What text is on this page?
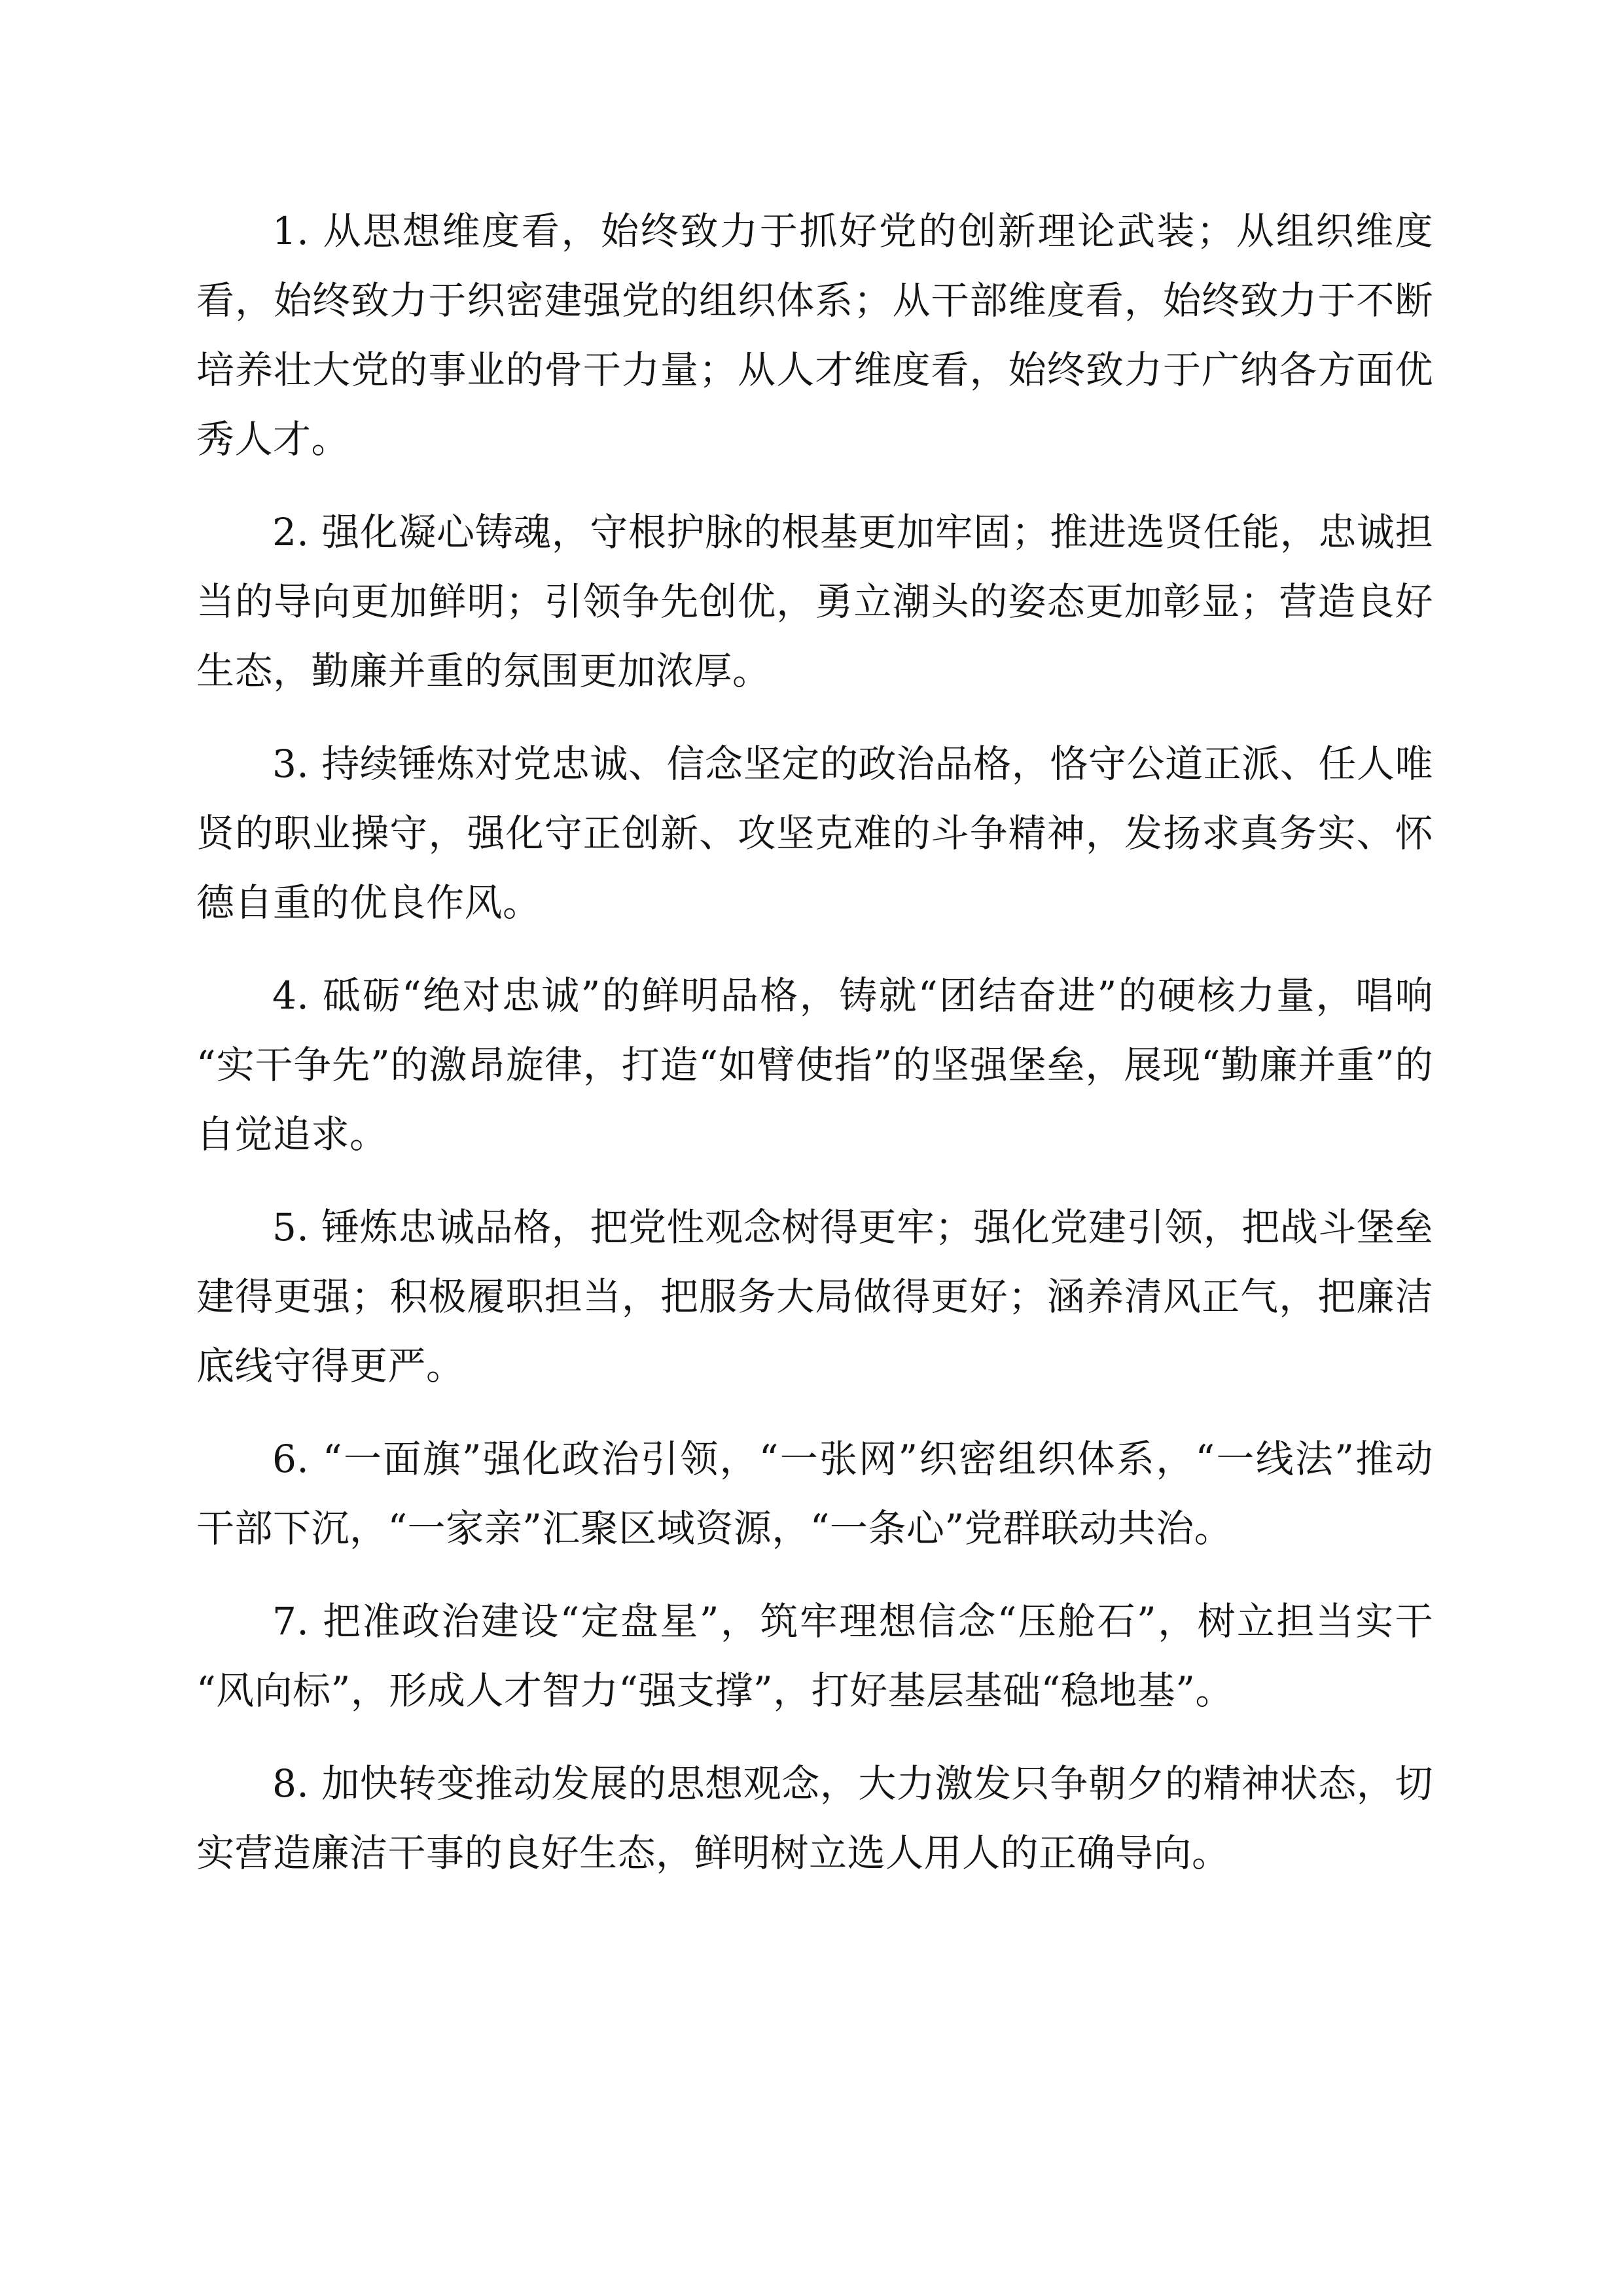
1. 从思想维度看，始终致力于抓好党的创新理论武装；从组织维度看，始终致力于织密建强党的组织体系；从干部维度看，始终致力于不断培养壮大党的事业的骨干力量；从人才维度看，始终致力于广纳各方面优秀人才。

2. 强化凝心铸魂，守根护脉的根基更加牢固；推进选贤任能，忠诚担当的导向更加鲜明；引领争先创优，勇立潮头的姿态更加彰显；营造良好生态，勤廉并重的氛围更加浓厚。

3. 持续锤炼对党忠诚、信念坚定的政治品格，恪守公道正派、任人唯贤的职业操守，强化守正创新、攻坚克难的斗争精神，发扬求真务实、怀德自重的优良作风。

4. 砥砺“绝对忠诚”的鲜明品格，铸就“团结奋进”的硬核力量，唱响“实干争先”的激昂旋律，打造“如臂使指”的坚强堡垒，展现“勤廉并重”的自觉追求。

5. 锤炼忠诚品格，把党性观念树得更牢；强化党建引领，把战斗堡垒建得更强；积极履职担当，把服务大局做得更好；涵养清风正气，把廉洁底线守得更严。

6. “一面旗”强化政治引领，“一张网”织密组织体系，“一线法”推动干部下沉，“一家亲”汇聚区域资源，“一条心”党群联动共治。

7. 把准政治建设“定盘星”，筑牢理想信念“压舱石”，树立担当实干“风向标”，形成人才智力“强支撑”，打好基层基础“稳地基”。

8. 加快转变推动发展的思想观念，大力激发只争朝夕的精神状态，切实营造廉洁干事的良好生态，鲜明树立选人用人的正确导向。
